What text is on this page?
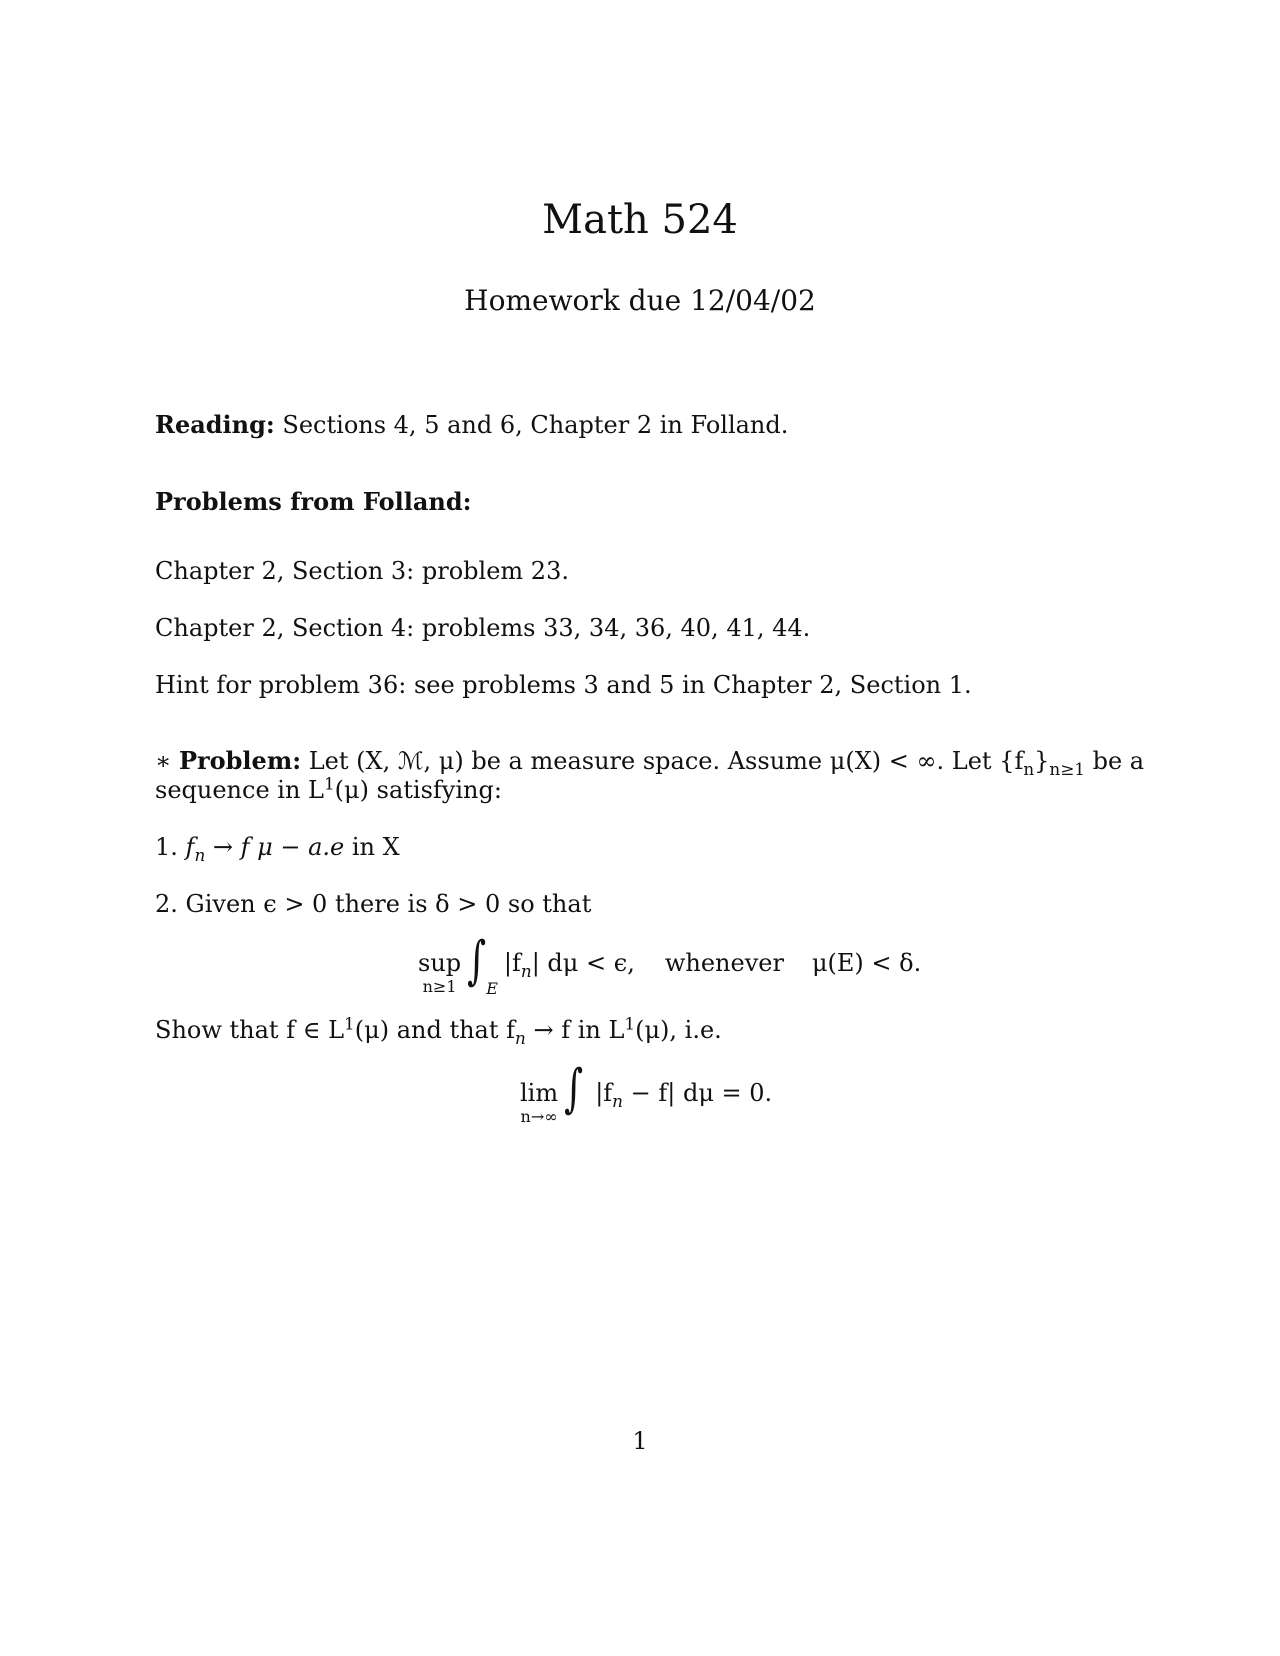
Math 524
Homework due 12/04/02
Reading: Sections 4, 5 and 6, Chapter 2 in Folland.
Problems from Folland:
Chapter 2, Section 3: problem 23.
Chapter 2, Section 4: problems 33, 34, 36, 40, 41, 44.
Hint for problem 36: see problems 3 and 5 in Chapter 2, Section 1.
∗ Problem: Let (X, ℳ, μ) be a measure space. Assume μ(X) < ∞. Let $\{f_n\}_{n\ge 1}$ be a
sequence in $L^1(\mu)$ satisfying:
1. $f_n \to f$ μ − a.e in X
2. Given ϵ > 0 there is δ > 0 so that
sup
n≥1 $\int_E|f_n|$ dμ < ϵ, whenever μ(E) < δ.
Show that f ∈ $L^1(\mu)$ and that $f_n \to f$ in $L^1(\mu)$, i.e.
lim
n→∞ ∫ $|f_n - f|$ dμ = 0.
1
